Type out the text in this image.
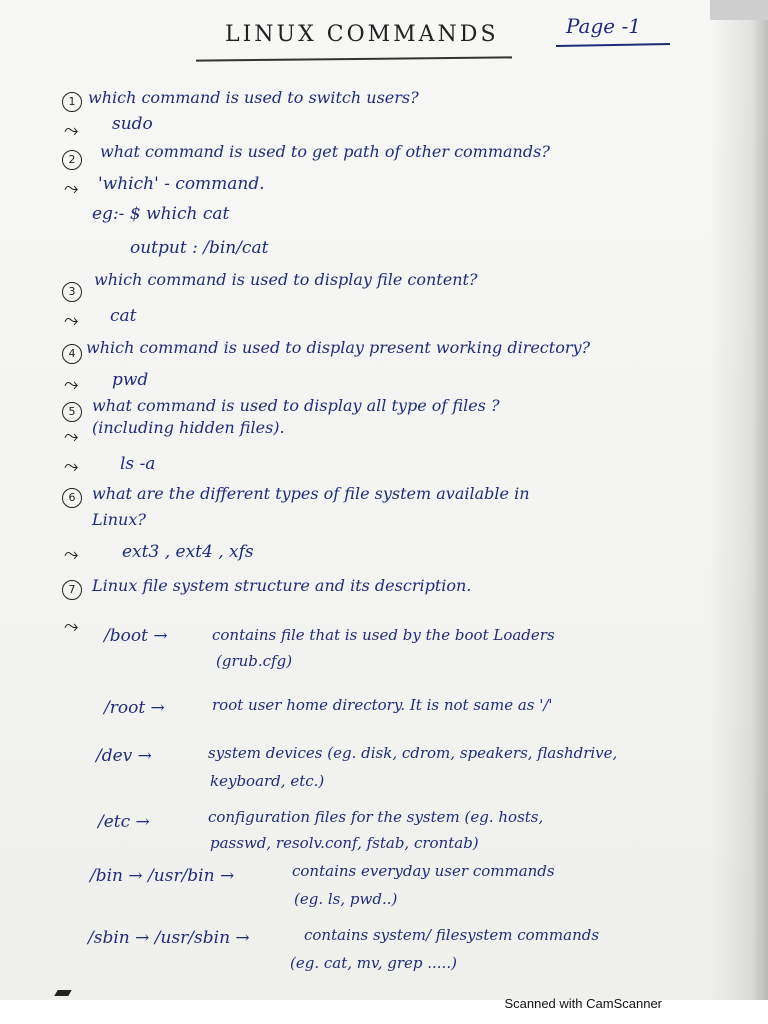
LINUX COMMANDS	Page -1
1 which command is used to switch users?
⤳ sudo
2	what command is used to get path of other commands?
⤳ 'which' - command.
eg:- $ which cat
output : /bin/cat
3
which command is used to display file content?
⤳ cat
4 which command is used to display present working directory?
⤳ pwd
5	what command is used to display all type of files ?
(including hidden files).
⤳
⤳ ls -a
6	what are the different types of file system available in
Linux?
⤳	ext3 , ext4 , xfs
7	Linux file system structure and its description.
⤳ /boot →	contains file that is used by the boot Loaders
(grub.cfg)
/root →	root user home directory. It is not same as '/'
/dev →	system devices (eg. disk, cdrom, speakers, flashdrive,
keyboard, etc.)
/etc →	configuration files for the system (eg. hosts,
passwd, resolv.conf, fstab, crontab)
/bin → /usr/bin →	contains everyday user commands
(eg. ls, pwd..)
/sbin → /usr/sbin →	contains system/ filesystem commands
(eg. cat, mv, grep .....)
Scanned with CamScanner
